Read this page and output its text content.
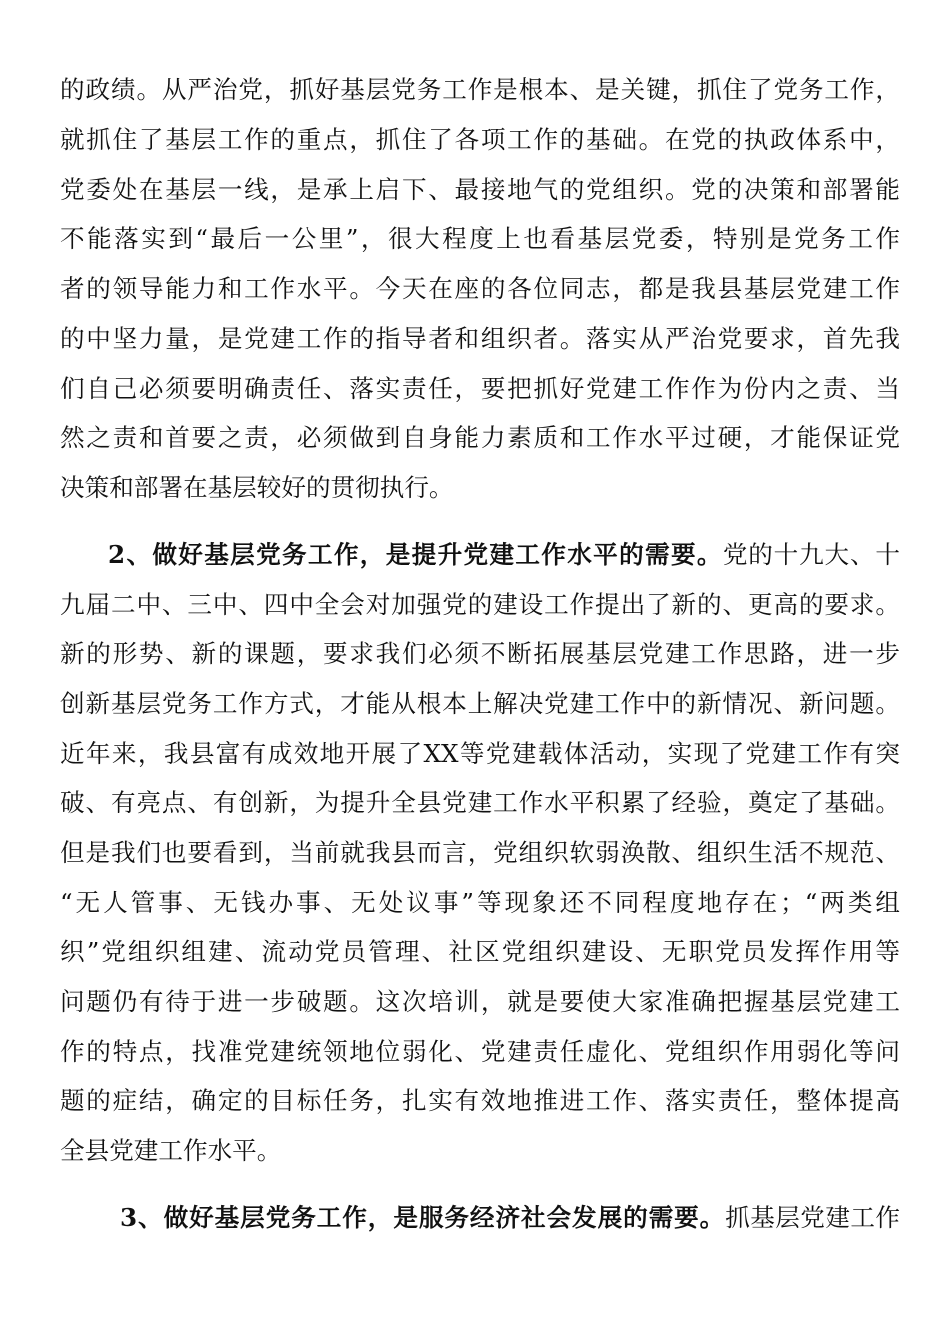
的政绩。从严治党，抓好基层党务工作是根本、是关键，抓住了党务工作，
就抓住了基层工作的重点，抓住了各项工作的基础。在党的执政体系中，
党委处在基层一线，是承上启下、最接地气的党组织。党的决策和部署能
不能落实到“最后一公里”，很大程度上也看基层党委，特别是党务工作
者的领导能力和工作水平。今天在座的各位同志，都是我县基层党建工作
的中坚力量，是党建工作的指导者和组织者。落实从严治党要求，首先我
们自己必须要明确责任、落实责任，要把抓好党建工作作为份内之责、当
然之责和首要之责，必须做到自身能力素质和工作水平过硬，才能保证党
决策和部署在基层较好的贯彻执行。
2、做好基层党务工作，是提升党建工作水平的需要。党的十九大、十
九届二中、三中、四中全会对加强党的建设工作提出了新的、更高的要求。
新的形势、新的课题，要求我们必须不断拓展基层党建工作思路，进一步
创新基层党务工作方式，才能从根本上解决党建工作中的新情况、新问题。
近年来，我县富有成效地开展了XX等党建载体活动，实现了党建工作有突
破、有亮点、有创新，为提升全县党建工作水平积累了经验，奠定了基础。
但是我们也要看到，当前就我县而言，党组织软弱涣散、组织生活不规范、
“无人管事、无钱办事、无处议事”等现象还不同程度地存在；“两类组
织”党组织组建、流动党员管理、社区党组织建设、无职党员发挥作用等
问题仍有待于进一步破题。这次培训，就是要使大家准确把握基层党建工
作的特点，找准党建统领地位弱化、党建责任虚化、党组织作用弱化等问
题的症结，确定的目标任务，扎实有效地推进工作、落实责任，整体提高
全县党建工作水平。
3、做好基层党务工作，是服务经济社会发展的需要。抓基层党建工作
